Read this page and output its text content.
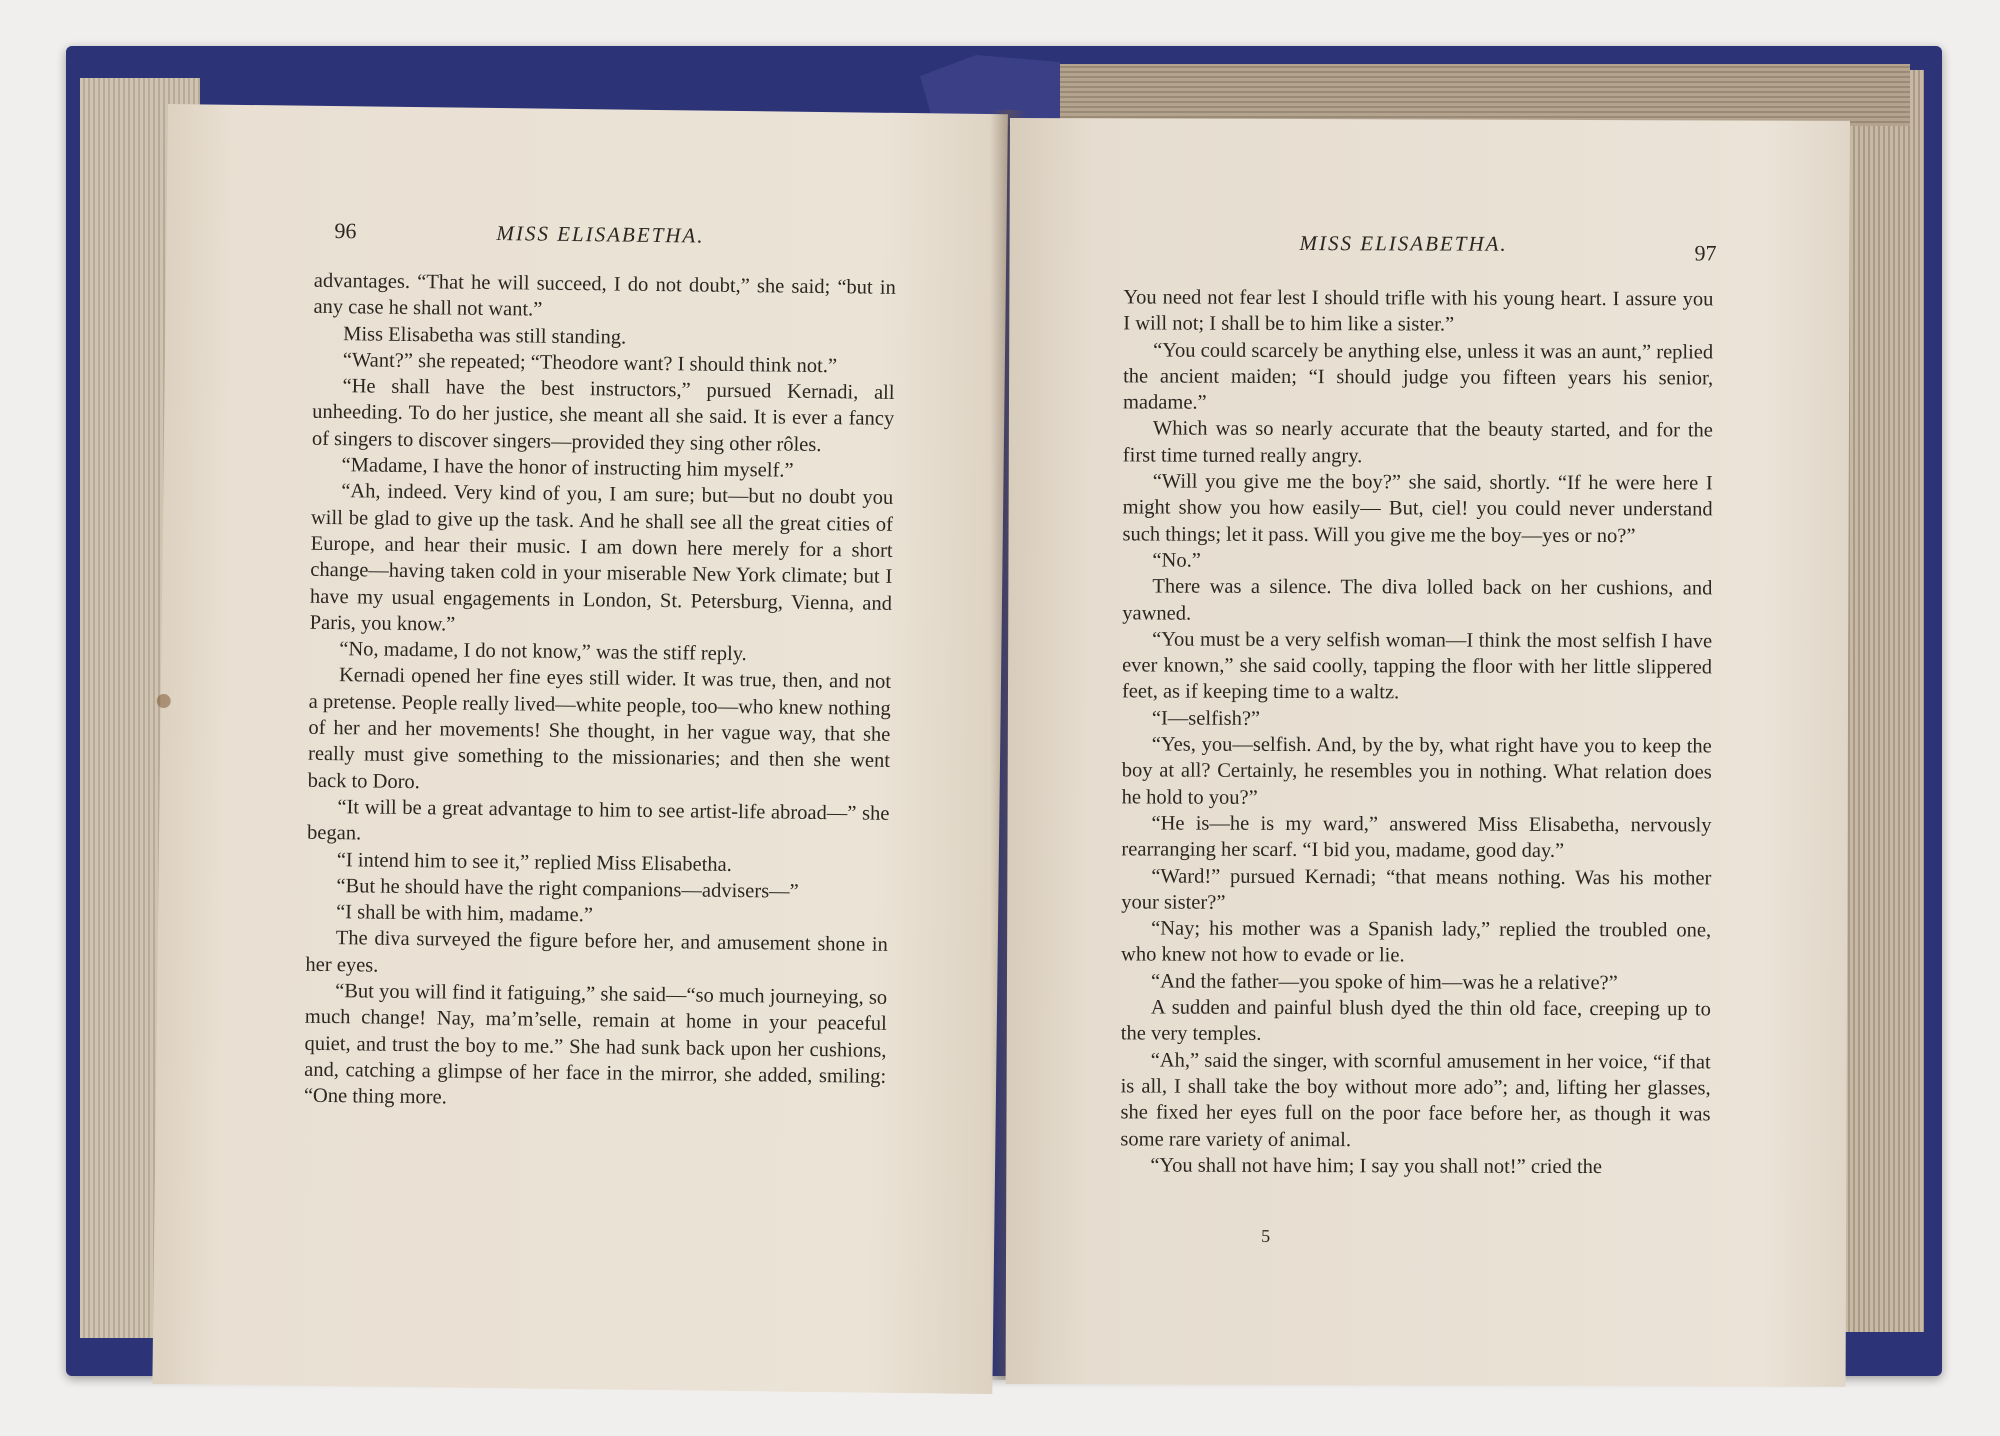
96	MISS ELISABETHA.

advantages. “That he will succeed, I do not doubt,” she said; “but in any case he shall not want.”

Miss Elisabetha was still standing.

“Want?” she repeated; “Theodore want? I should think not.”

“He shall have the best instructors,” pursued Kernadi, all unheeding. To do her justice, she meant all she said. It is ever a fancy of singers to discover singers—provided they sing other rôles.

“Madame, I have the honor of instructing him myself.”

“Ah, indeed. Very kind of you, I am sure; but—but no doubt you will be glad to give up the task. And he shall see all the great cities of Europe, and hear their music. I am down here merely for a short change—having taken cold in your miserable New York climate; but I have my usual engagements in London, St. Petersburg, Vienna, and Paris, you know.”

“No, madame, I do not know,” was the stiff reply.

Kernadi opened her fine eyes still wider. It was true, then, and not a pretense. People really lived—white people, too—who knew nothing of her and her movements! She thought, in her vague way, that she really must give something to the missionaries; and then she went back to Doro.

“It will be a great advantage to him to see artist-life abroad—” she began.

“I intend him to see it,” replied Miss Elisabetha.

“But he should have the right companions—advisers—”

“I shall be with him, madame.”

The diva surveyed the figure before her, and amusement shone in her eyes.

“But you will find it fatiguing,” she said—“so much journeying, so much change! Nay, ma’m’selle, remain at home in your peaceful quiet, and trust the boy to me.” She had sunk back upon her cushions, and, catching a glimpse of her face in the mirror, she added, smiling: “One thing more.

MISS ELISABETHA.	97

You need not fear lest I should trifle with his young heart. I assure you I will not; I shall be to him like a sister.”

“You could scarcely be anything else, unless it was an aunt,” replied the ancient maiden; “I should judge you fifteen years his senior, madame.”

Which was so nearly accurate that the beauty started, and for the first time turned really angry.

“Will you give me the boy?” she said, shortly. “If he were here I might show you how easily— But, ciel! you could never understand such things; let it pass. Will you give me the boy—yes or no?”

“No.”

There was a silence. The diva lolled back on her cushions, and yawned.

“You must be a very selfish woman—I think the most selfish I have ever known,” she said coolly, tapping the floor with her little slippered feet, as if keeping time to a waltz.

“I—selfish?”

“Yes, you—selfish. And, by the by, what right have you to keep the boy at all? Certainly, he resembles you in nothing. What relation does he hold to you?”

“He is—he is my ward,” answered Miss Elisabetha, nervously rearranging her scarf. “I bid you, madame, good day.”

“Ward!” pursued Kernadi; “that means nothing. Was his mother your sister?”

“Nay; his mother was a Spanish lady,” replied the troubled one, who knew not how to evade or lie.

“And the father—you spoke of him—was he a relative?”

A sudden and painful blush dyed the thin old face, creeping up to the very temples.

“Ah,” said the singer, with scornful amusement in her voice, “if that is all, I shall take the boy without more ado”; and, lifting her glasses, she fixed her eyes full on the poor face before her, as though it was some rare variety of animal.

“You shall not have him; I say you shall not!” cried the

5
